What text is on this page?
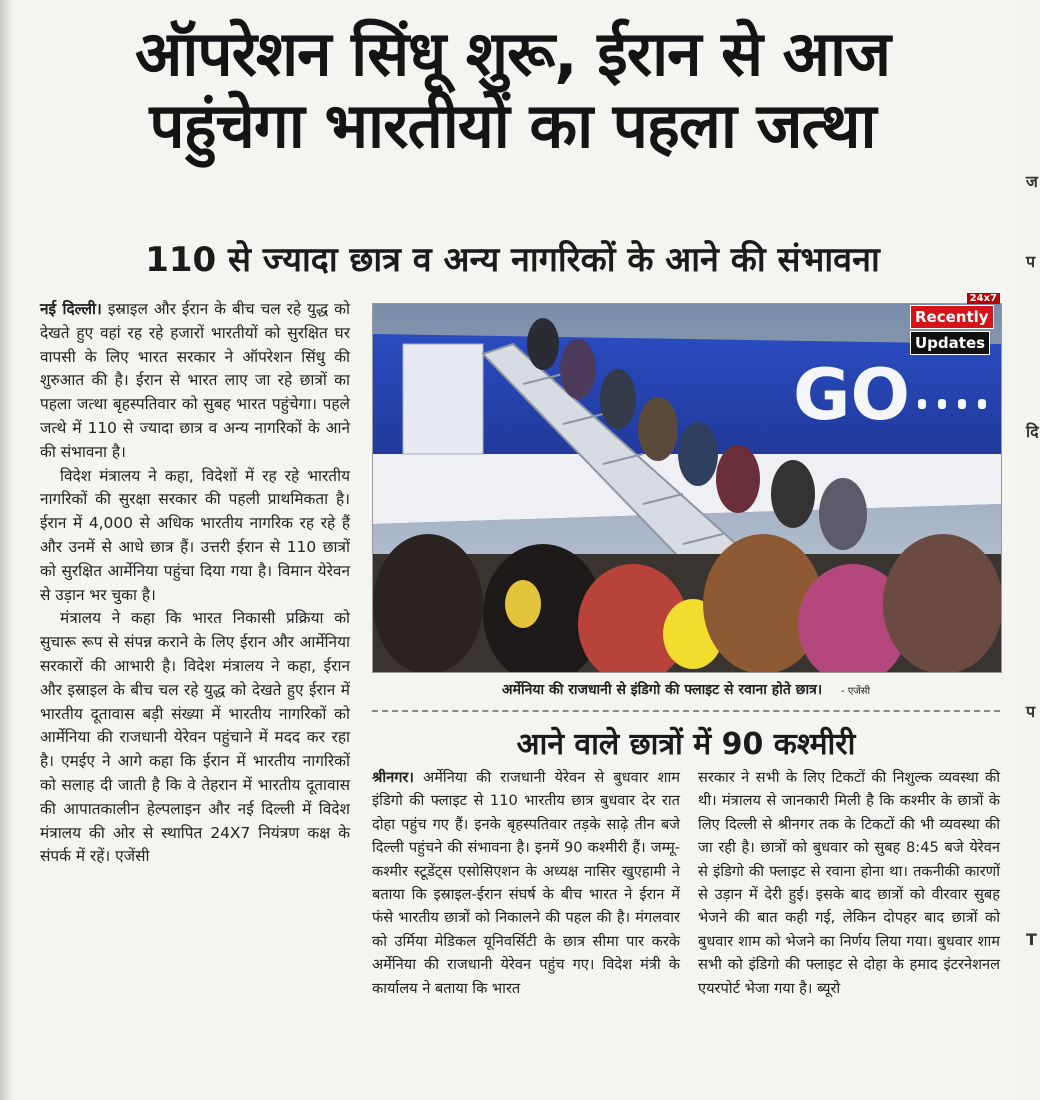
ऑपरेशन सिंधू शुरू, ईरान से आज
पहुंचेगा भारतीयों का पहला जत्था
110 से ज्यादा छात्र व अन्य नागरिकों के आने की संभावना

नई दिल्ली। इस्राइल और ईरान के बीच चल रहे युद्ध को देखते हुए वहां रह रहे हजारों भारतीयों को सुरक्षित घर वापसी के लिए भारत सरकार ने ऑपरेशन सिंधु की शुरुआत की है। ईरान से भारत लाए जा रहे छात्रों का पहला जत्था बृहस्पतिवार को सुबह भारत पहुंचेगा। पहले जत्थे में 110 से ज्यादा छात्र व अन्य नागरिकों के आने की संभावना है।

विदेश मंत्रालय ने कहा, विदेशों में रह रहे भारतीय नागरिकों की सुरक्षा सरकार की पहली प्राथमिकता है। ईरान में 4,000 से अधिक भारतीय नागरिक रह रहे हैं और उनमें से आधे छात्र हैं। उत्तरी ईरान से 110 छात्रों को सुरक्षित आर्मेनिया पहुंचा दिया गया है। विमान येरेवन से उड़ान भर चुका है।

मंत्रालय ने कहा कि भारत निकासी प्रक्रिया को सुचारू रूप से संपन्न कराने के लिए ईरान और आर्मेनिया सरकारों की आभारी है। विदेश मंत्रालय ने कहा, ईरान और इस्राइल के बीच चल रहे युद्ध को देखते हुए ईरान में भारतीय दूतावास बड़ी संख्या में भारतीय नागरिकों को आर्मेनिया की राजधानी येरेवन पहुंचाने में मदद कर रहा है। एमईए ने आगे कहा कि ईरान में भारतीय नागरिकों को सलाह दी जाती है कि वे तेहरान में भारतीय दूतावास की आपातकालीन हेल्पलाइन और नई दिल्ली में विदेश मंत्रालय की ओर से स्थापित 24X7 नियंत्रण कक्ष के संपर्क में रहें। एजेंसी

GO
24x7
Recently
Updates
अर्मेनिया की राजधानी से इंडिगो की फ्लाइट से रवाना होते छात्र। - एजेंसी
आने वाले छात्रों में 90 कश्मीरी

श्रीनगर। अर्मेनिया की राजधानी येरेवन से बुधवार शाम इंडिगो की फ्लाइट से 110 भारतीय छात्र बुधवार देर रात दोहा पहुंच गए हैं। इनके बृहस्पतिवार तड़के साढ़े तीन बजे दिल्ली पहुंचने की संभावना है। इनमें 90 कश्मीरी हैं। जम्मू-कश्मीर स्टूडेंट्स एसोसिएशन के अध्यक्ष नासिर खुएहामी ने बताया कि इस्राइल-ईरान संघर्ष के बीच भारत ने ईरान में फंसे भारतीय छात्रों को निकालने की पहल की है। मंगलवार को उर्मिया मेडिकल यूनिवर्सिटी के छात्र सीमा पार करके अर्मेनिया की राजधानी येरेवन पहुंच गए। विदेश मंत्री के कार्यालय ने बताया कि भारत

सरकार ने सभी के लिए टिकटों की निशुल्क व्यवस्था की थी। मंत्रालय से जानकारी मिली है कि कश्मीर के छात्रों के लिए दिल्ली से श्रीनगर तक के टिकटों की भी व्यवस्था की जा रही है। छात्रों को बुधवार को सुबह 8:45 बजे येरेवन से इंडिगो की फ्लाइट से रवाना होना था। तकनीकी कारणों से उड़ान में देरी हुई। इसके बाद छात्रों को वीरवार सुबह भेजने की बात कही गई, लेकिन दोपहर बाद छात्रों को बुधवार शाम को भेजने का निर्णय लिया गया। बुधवार शाम सभी को इंडिगो की फ्लाइट से दोहा के हमाद इंटरनेशनल एयरपोर्ट भेजा गया है। ब्यूरो

ज
प
दि
प
T
